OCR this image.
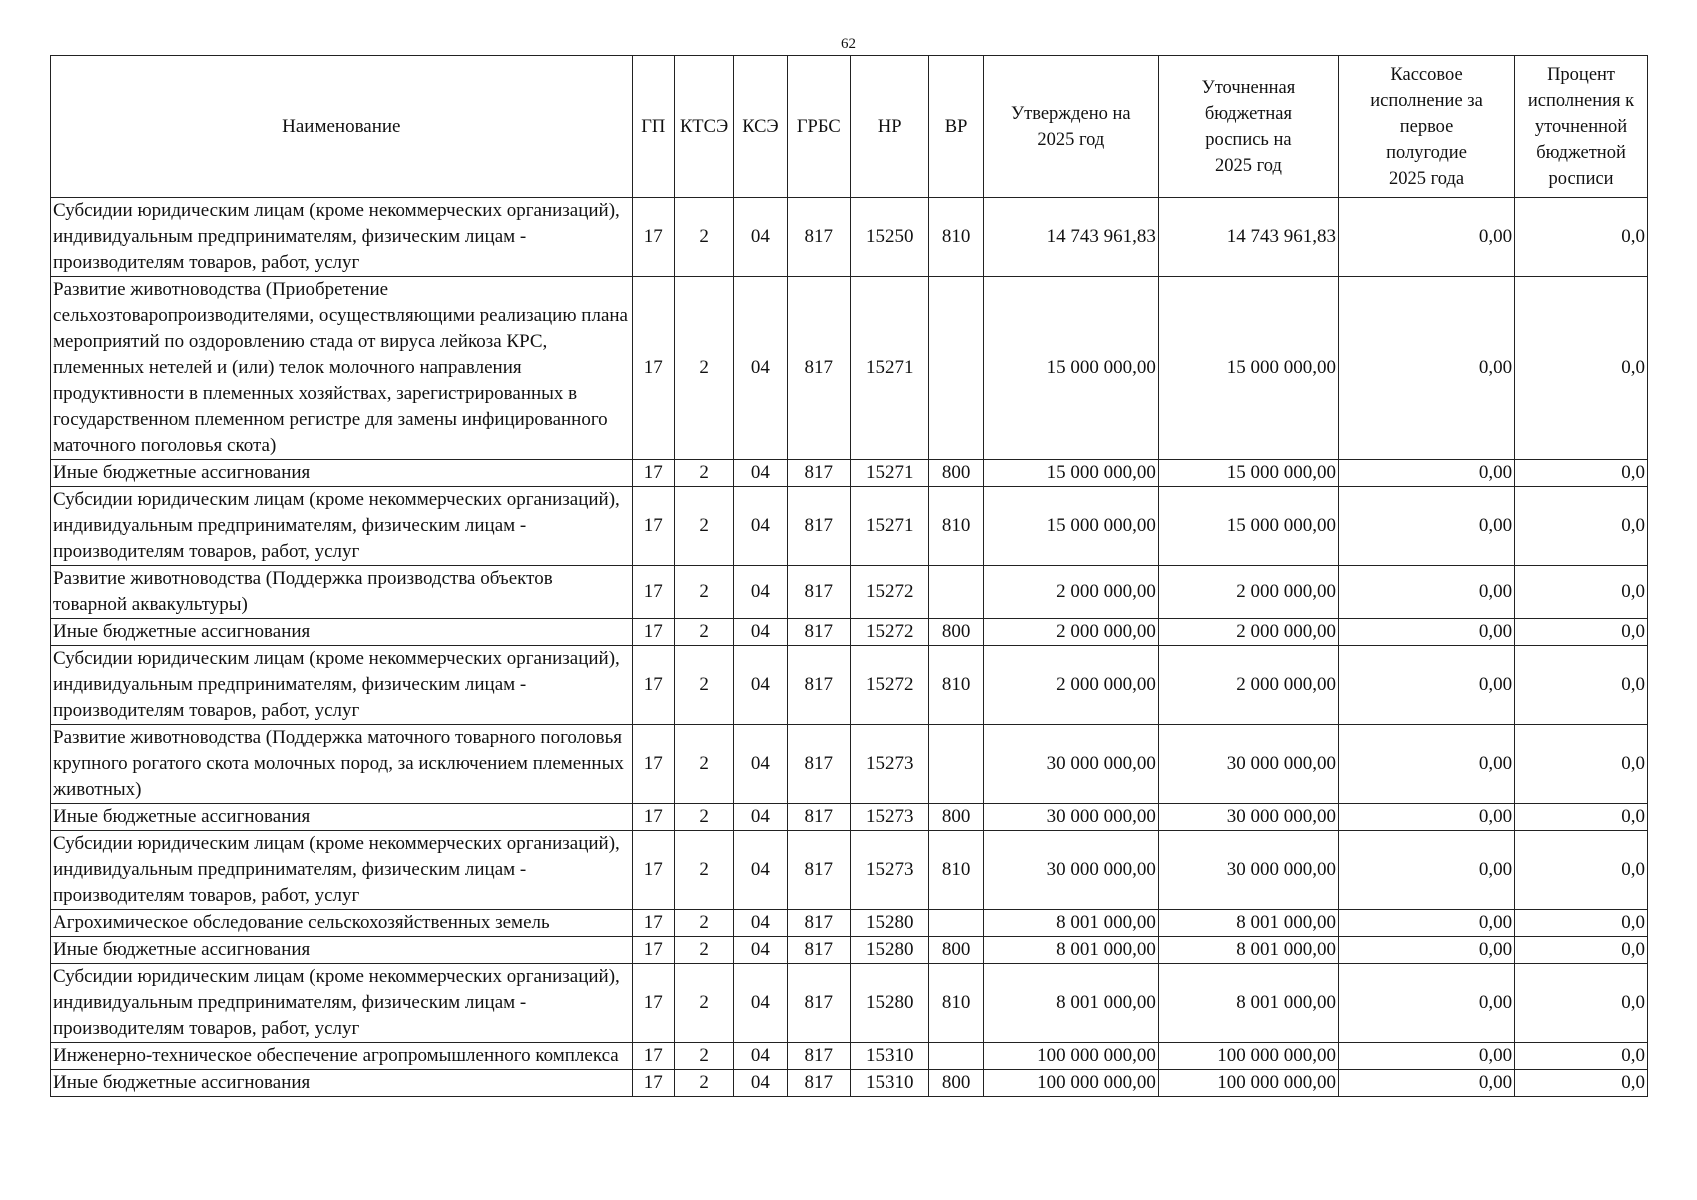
62
Наименование	ГП	КТСЭ	КСЭ	ГРБС	НР	ВР	Утверждено на 2025 год	Уточненная бюджетная роспись на 2025 год	Кассовое исполнение за первое полугодие 2025 года	Процент исполнения к уточненной бюджетной росписи
Субсидии юридическим лицам (кроме некоммерческих организаций), индивидуальным предпринимателям, физическим лицам - производителям товаров, работ, услуг	17	2	04	817	15250	810	14 743 961,83	14 743 961,83	0,00	0,0
Развитие животноводства (Приобретение сельхозтоваропроизводителями, осуществляющими реализацию плана мероприятий по оздоровлению стада от вируса лейкоза КРС, племенных нетелей и (или) телок молочного направления продуктивности в племенных хозяйствах, зарегистрированных в государственном племенном регистре для замены инфицированного маточного поголовья скота)	17	2	04	817	15271		15 000 000,00	15 000 000,00	0,00	0,0
Иные бюджетные ассигнования	17	2	04	817	15271	800	15 000 000,00	15 000 000,00	0,00	0,0
Субсидии юридическим лицам (кроме некоммерческих организаций), индивидуальным предпринимателям, физическим лицам - производителям товаров, работ, услуг	17	2	04	817	15271	810	15 000 000,00	15 000 000,00	0,00	0,0
Развитие животноводства (Поддержка производства объектов товарной аквакультуры)	17	2	04	817	15272		2 000 000,00	2 000 000,00	0,00	0,0
Иные бюджетные ассигнования	17	2	04	817	15272	800	2 000 000,00	2 000 000,00	0,00	0,0
Субсидии юридическим лицам (кроме некоммерческих организаций), индивидуальным предпринимателям, физическим лицам - производителям товаров, работ, услуг	17	2	04	817	15272	810	2 000 000,00	2 000 000,00	0,00	0,0
Развитие животноводства (Поддержка маточного товарного поголовья крупного рогатого скота молочных пород, за исключением племенных животных)	17	2	04	817	15273		30 000 000,00	30 000 000,00	0,00	0,0
Иные бюджетные ассигнования	17	2	04	817	15273	800	30 000 000,00	30 000 000,00	0,00	0,0
Субсидии юридическим лицам (кроме некоммерческих организаций), индивидуальным предпринимателям, физическим лицам - производителям товаров, работ, услуг	17	2	04	817	15273	810	30 000 000,00	30 000 000,00	0,00	0,0
Агрохимическое обследование сельскохозяйственных земель	17	2	04	817	15280		8 001 000,00	8 001 000,00	0,00	0,0
Иные бюджетные ассигнования	17	2	04	817	15280	800	8 001 000,00	8 001 000,00	0,00	0,0
Субсидии юридическим лицам (кроме некоммерческих организаций), индивидуальным предпринимателям, физическим лицам - производителям товаров, работ, услуг	17	2	04	817	15280	810	8 001 000,00	8 001 000,00	0,00	0,0
Инженерно-техническое обеспечение агропромышленного комплекса	17	2	04	817	15310		100 000 000,00	100 000 000,00	0,00	0,0
Иные бюджетные ассигнования	17	2	04	817	15310	800	100 000 000,00	100 000 000,00	0,00	0,0
